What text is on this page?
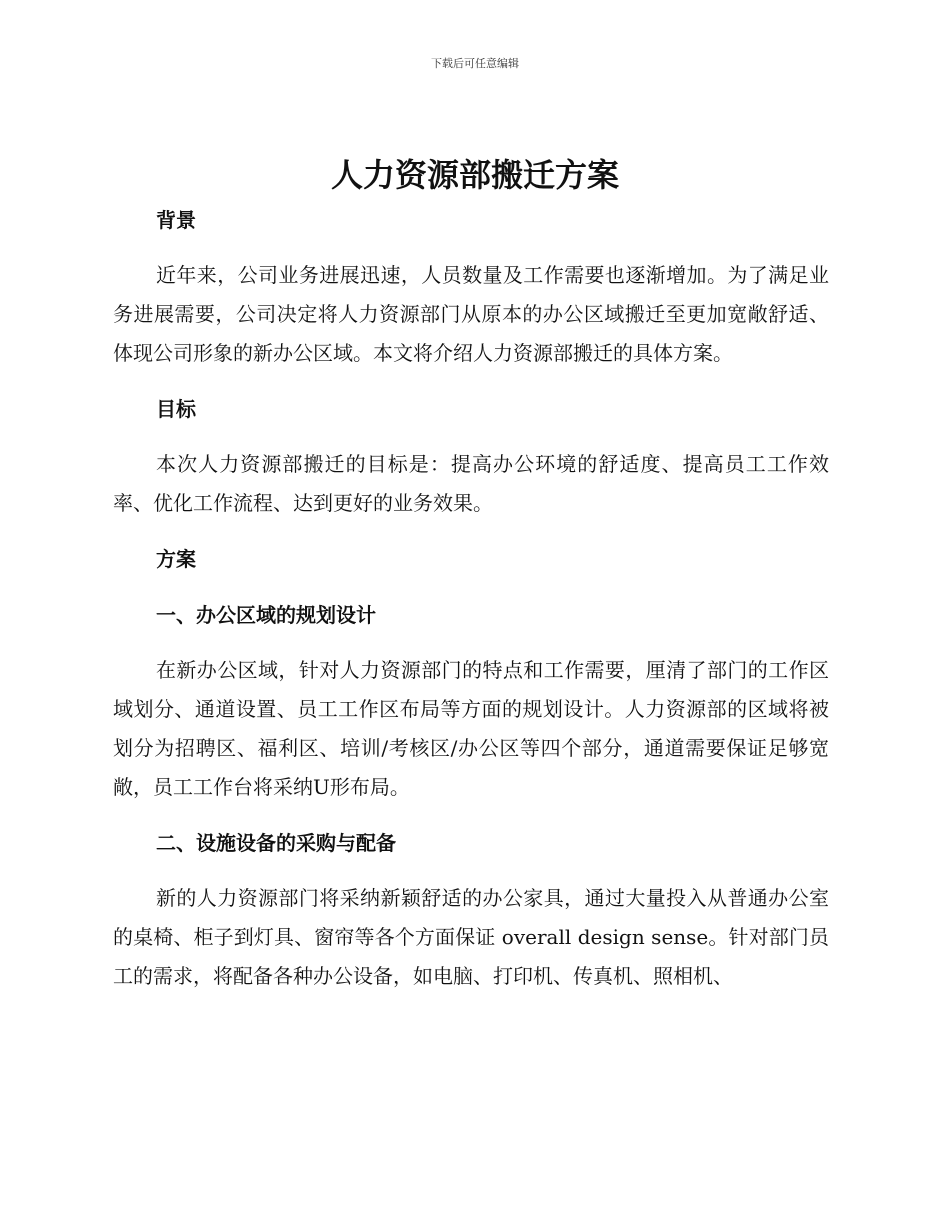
下载后可任意编辑
人力资源部搬迁方案

背景

近年来，公司业务进展迅速，人员数量及工作需要也逐渐增加。为了满足业务进展需要，公司决定将人力资源部门从原本的办公区域搬迁至更加宽敞舒适、体现公司形象的新办公区域。本文将介绍人力资源部搬迁的具体方案。

目标

本次人力资源部搬迁的目标是：提高办公环境的舒适度、提高员工工作效率、优化工作流程、达到更好的业务效果。

方案

一、办公区域的规划设计

在新办公区域，针对人力资源部门的特点和工作需要，厘清了部门的工作区域划分、通道设置、员工工作区布局等方面的规划设计。人力资源部的区域将被划分为招聘区、福利区、培训/考核区/办公区等四个部分，通道需要保证足够宽敞，员工工作台将采纳U形布局。

二、设施设备的采购与配备

新的人力资源部门将采纳新颖舒适的办公家具，通过大量投入从普通办公室的桌椅、柜子到灯具、窗帘等各个方面保证 overall design sense。针对部门员工的需求，将配备各种办公设备，如电脑、打印机、传真机、照相机、
